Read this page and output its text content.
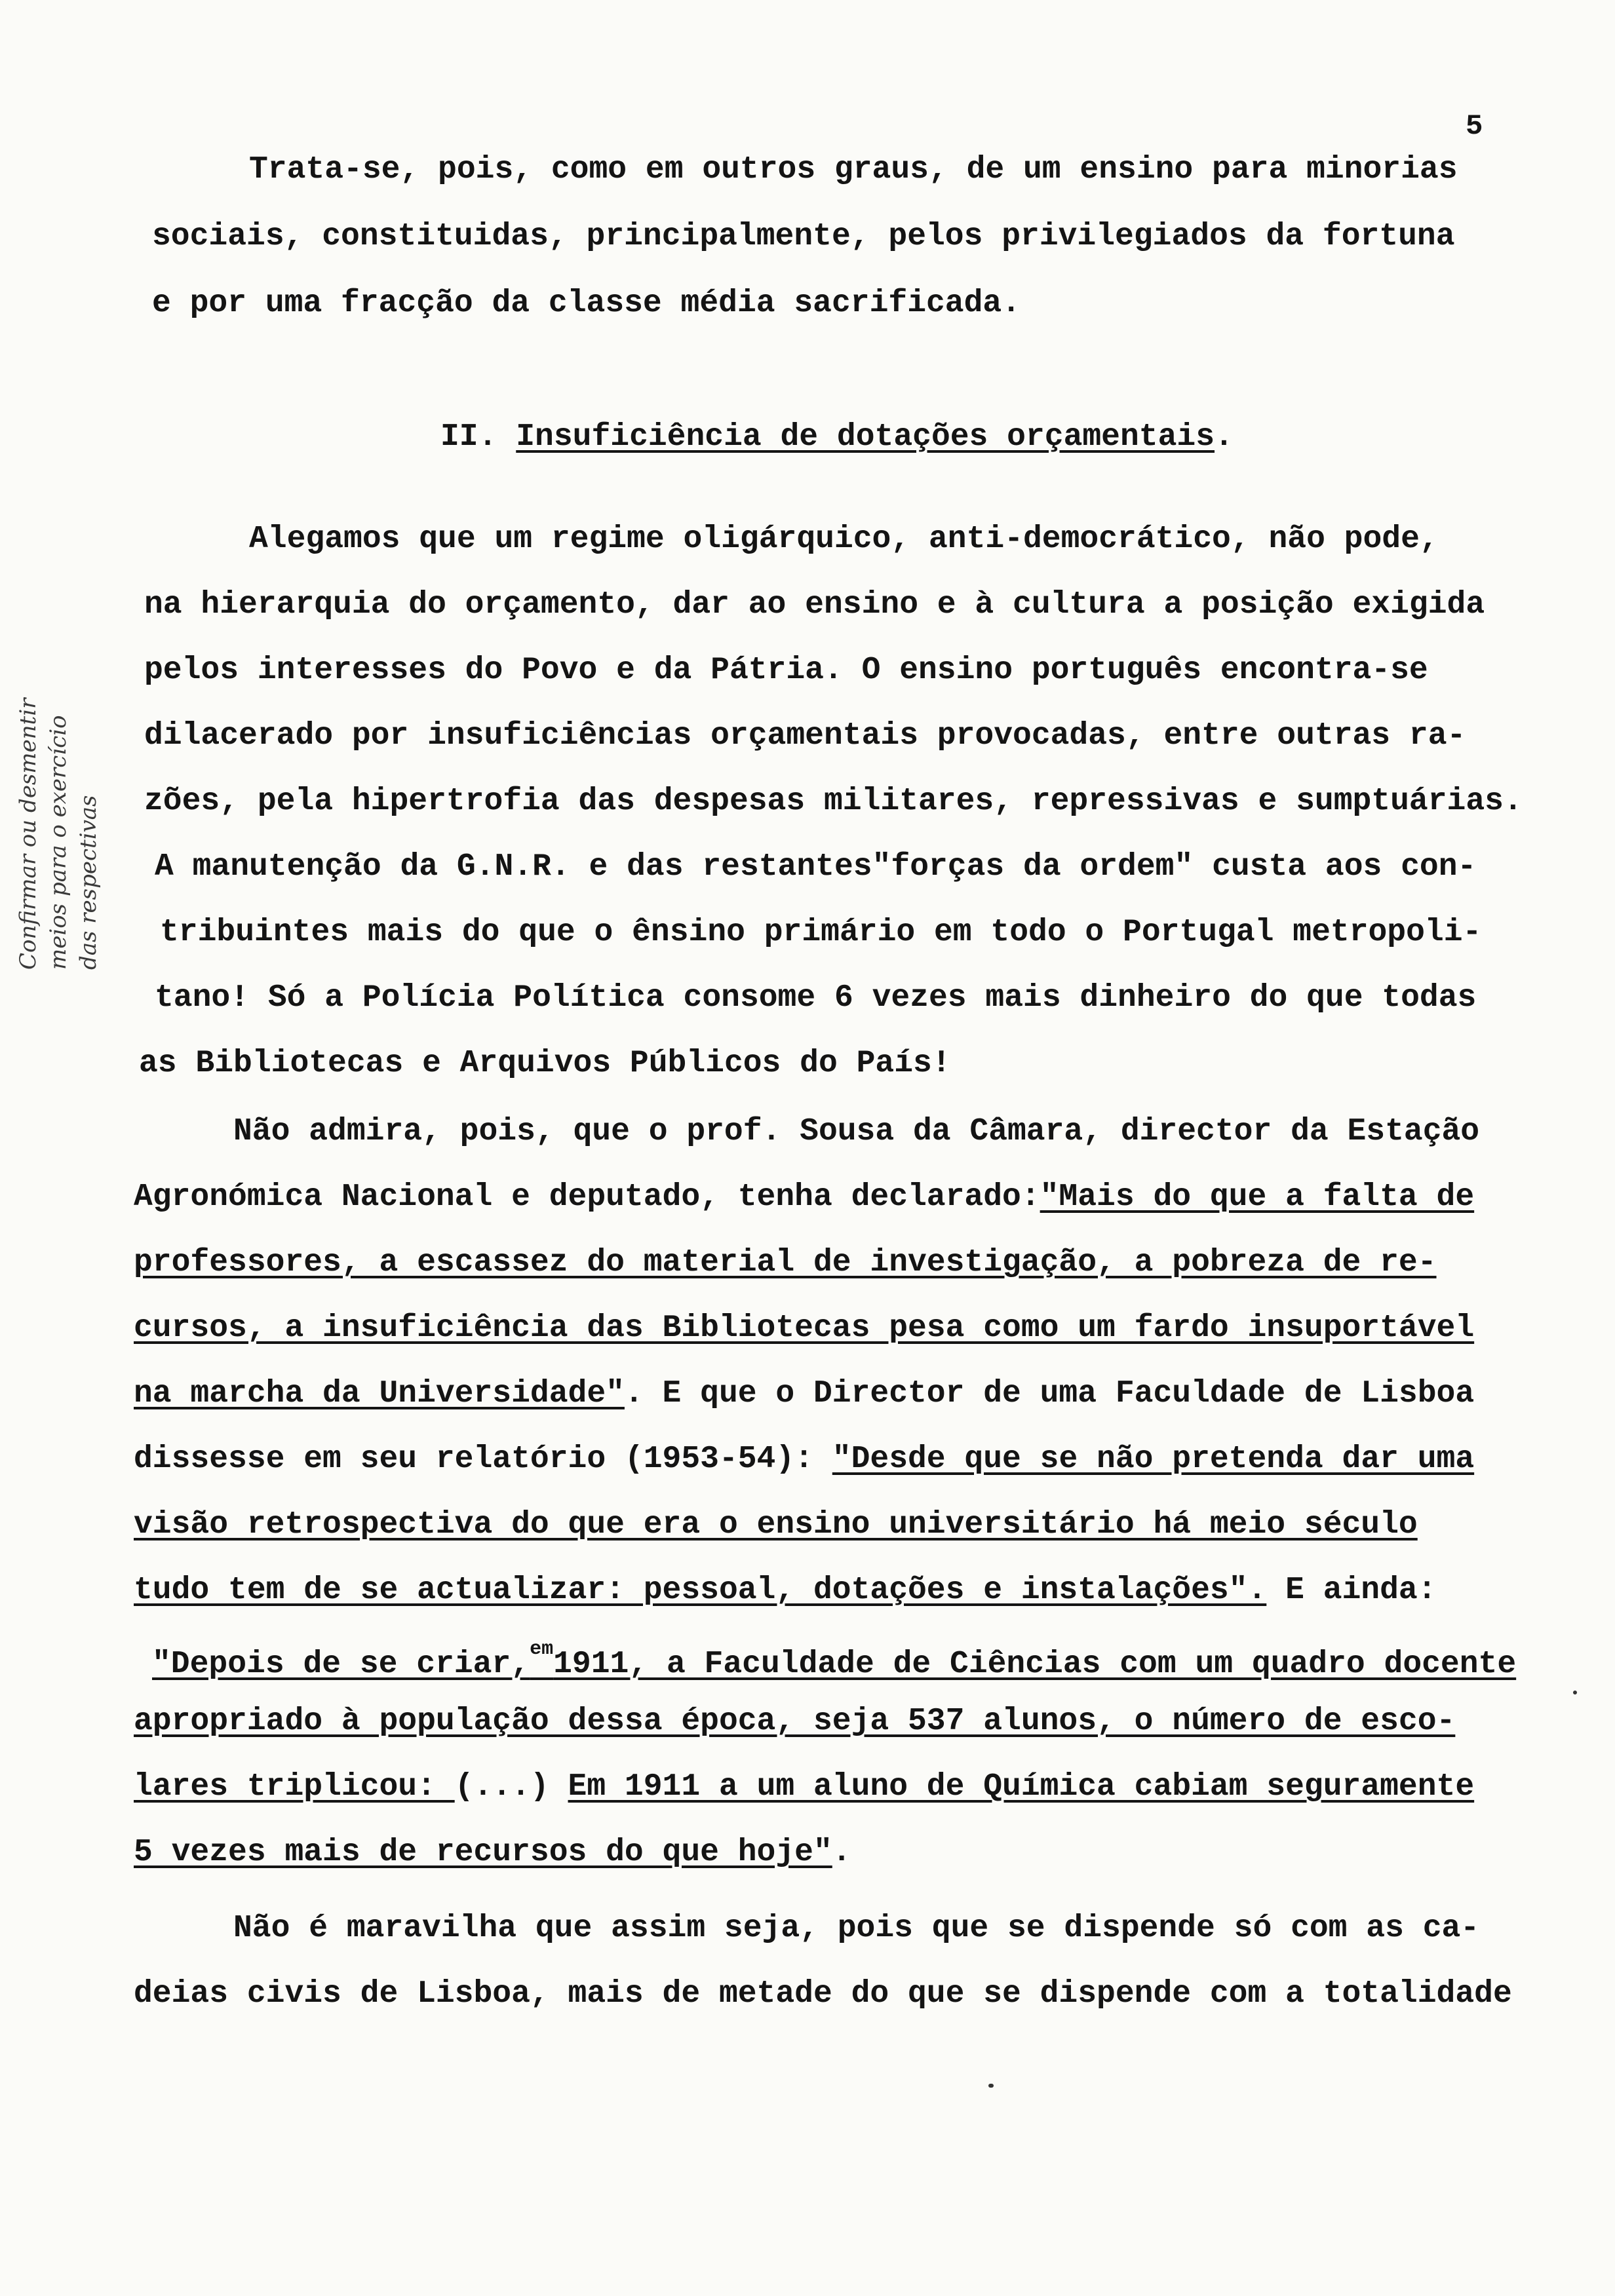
5
Confirmar ou desmentir meios para o exercício das respectivas
Trata-se, pois, como em outros graus, de um ensino para minorias
sociais, constituidas, principalmente, pelos privilegiados da fortuna
e por uma fracção da classe média sacrificada.
II. Insuficiência de dotações orçamentais.
Alegamos que um regime oligárquico, anti-democrático, não pode,
na hierarquia do orçamento, dar ao ensino e à cultura a posição exigida
pelos interesses do Povo e da Pátria. O ensino português encontra-se
dilacerado por insuficiências orçamentais provocadas, entre outras ra-
zões, pela hipertrofia das despesas militares, repressivas e sumptuárias.
A manutenção da G.N.R. e das restantes"forças da ordem" custa aos con-
tribuintes mais do que o ênsino primário em todo o Portugal metropoli-
tano! Só a Polícia Política consome 6 vezes mais dinheiro do que todas
as Bibliotecas e Arquivos Públicos do País!
Não admira, pois, que o prof. Sousa da Câmara, director da Estação
Agronómica Nacional e deputado, tenha declarado:"Mais do que a falta de
professores, a escassez do material de investigação, a pobreza de re-
cursos, a insuficiência das Bibliotecas pesa como um fardo insuportável
na marcha da Universidade". E que o Director de uma Faculdade de Lisboa
dissesse em seu relatório (1953-54): "Desde que se não pretenda dar uma
visão retrospectiva do que era o ensino universitário há meio século
tudo tem de se actualizar: pessoal, dotações e instalações". E ainda:
"Depois de se criar,$^{em}$1911, a Faculdade de Ciências com um quadro docente
apropriado à população dessa época, seja 537 alunos, o número de esco-
lares triplicou: (...) Em 1911 a um aluno de Química cabiam seguramente
5 vezes mais de recursos do que hoje".
Não é maravilha que assim seja, pois que se dispende só com as ca-
deias civis de Lisboa, mais de metade do que se dispende com a totalidade
